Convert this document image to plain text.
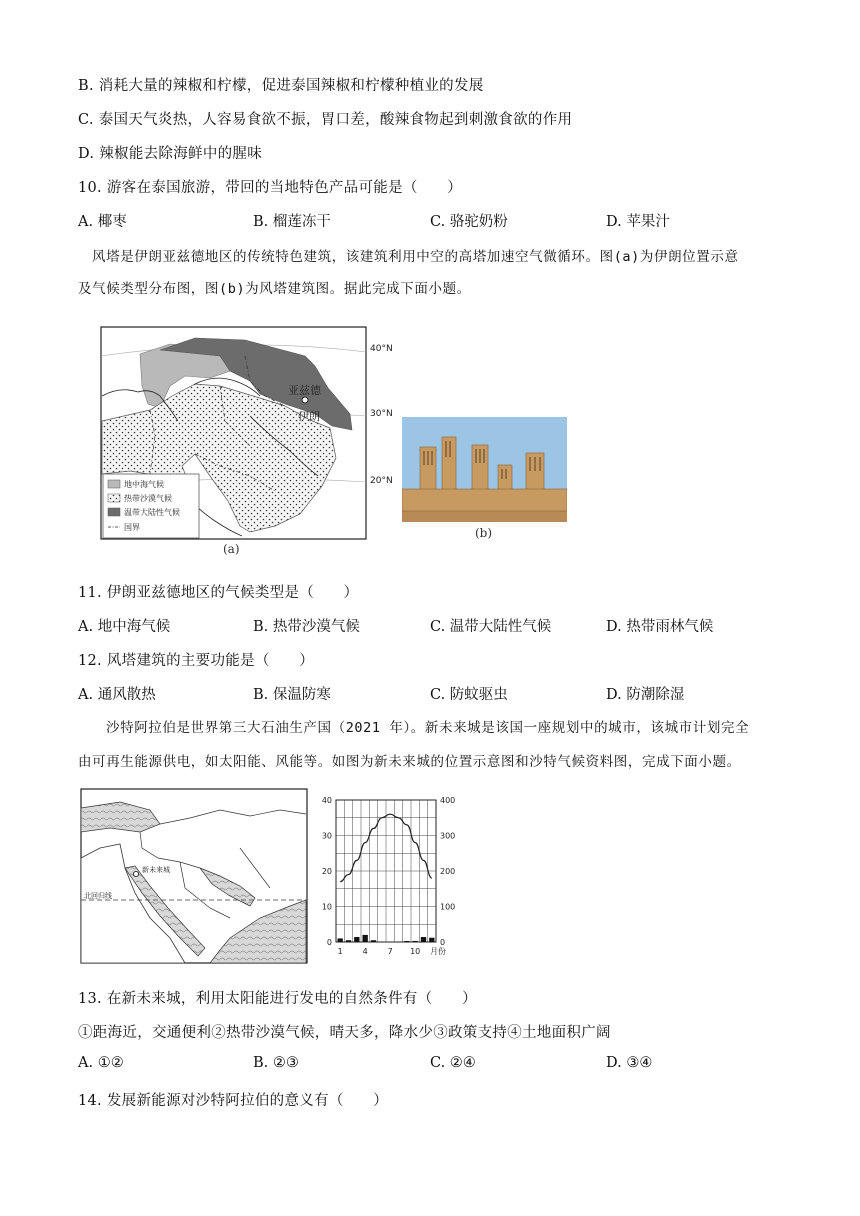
B. 消耗大量的辣椒和柠檬，促进泰国辣椒和柠檬种植业的发展
C. 泰国天气炎热，人容易食欲不振，胃口差，酸辣食物起到刺激食欲的作用
D. 辣椒能去除海鲜中的腥味
10. 游客在泰国旅游，带回的当地特色产品可能是（　　）
A. 椰枣	B. 榴莲冻干	C. 骆驼奶粉	D. 苹果汁
风塔是伊朗亚兹德地区的传统特色建筑，该建筑利用中空的高塔加速空气微循环。图(a)为伊朗位置示意
及气候类型分布图，图(b)为风塔建筑图。据此完成下面小题。
亚兹德
伊朗
40°N
30°N
20°N
地中海气候
热带沙漠气候
温带大陆性气候
国界
(a)
(b)
11. 伊朗亚兹德地区的气候类型是（　　）
A. 地中海气候	B. 热带沙漠气候	C. 温带大陆性气候	D. 热带雨林气候
12. 风塔建筑的主要功能是（　　）
A. 通风散热	B. 保温防寒	C. 防蚊驱虫	D. 防潮除湿
沙特阿拉伯是世界第三大石油生产国（2021 年）。新未来城是该国一座规划中的城市，该城市计划完全
由可再生能源供电，如太阳能、风能等。如图为新未来城的位置示意图和沙特气候资料图，完成下面小题。
北回归线
新未来城
40
30
20
10
0
400
300
200
100
0
1 4 7 10 月份
13. 在新未来城，利用太阳能进行发电的自然条件有（　　）
①距海近，交通便利②热带沙漠气候，晴天多，降水少③政策支持④土地面积广阔
A. ①②	B. ②③	C. ②④	D. ③④
14. 发展新能源对沙特阿拉伯的意义有（　　）
